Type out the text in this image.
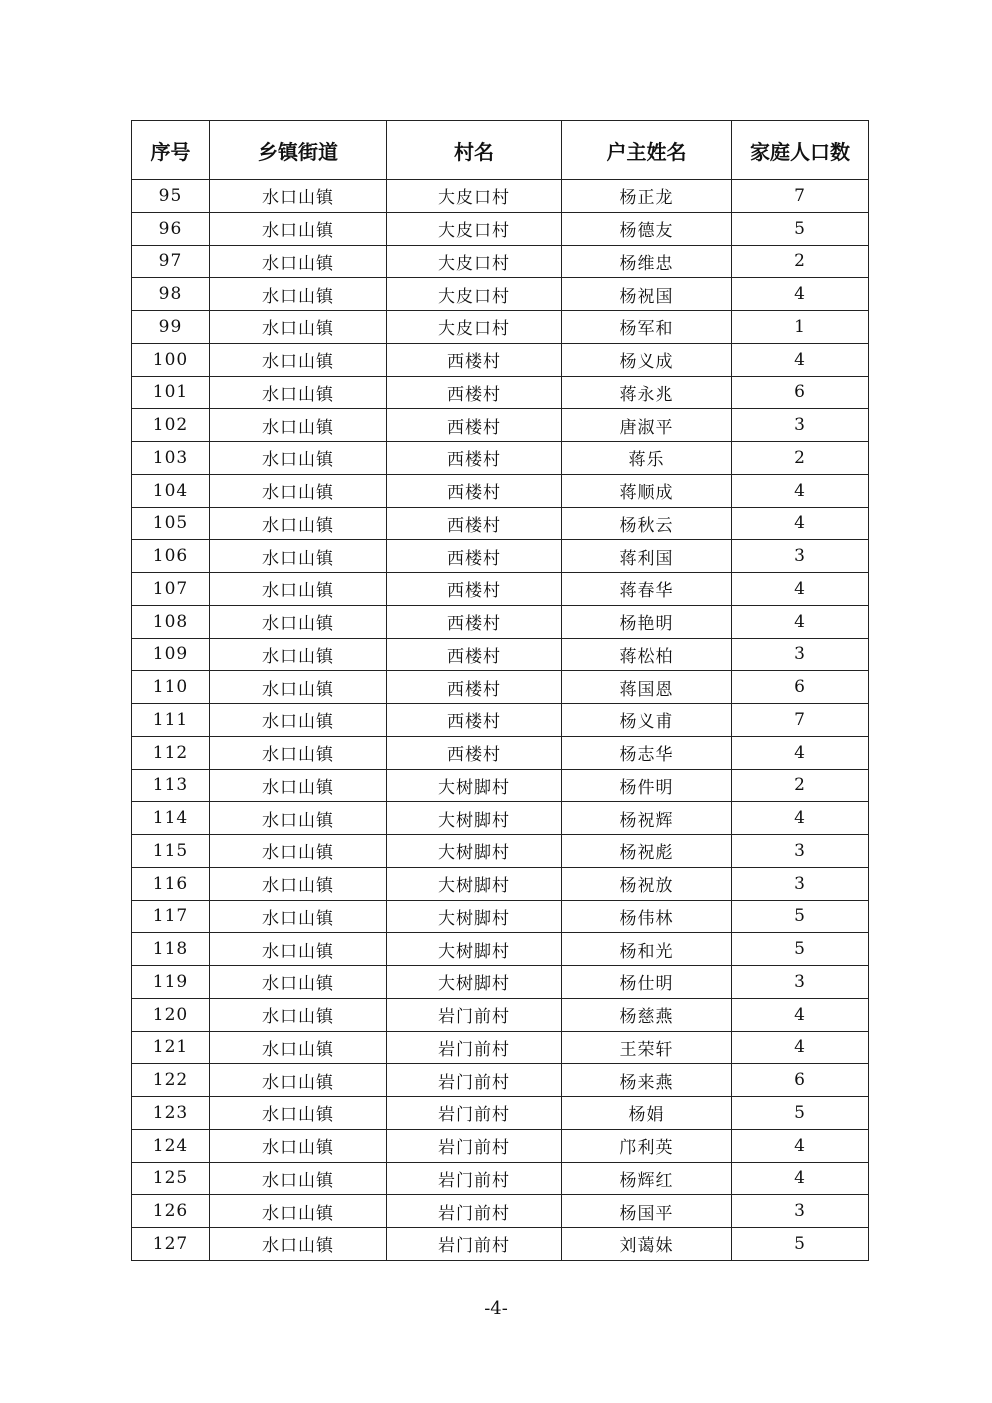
序号	乡镇街道	村名	户主姓名	家庭人口数
95	水口山镇	大皮口村	杨正龙	7
96	水口山镇	大皮口村	杨德友	5
97	水口山镇	大皮口村	杨维忠	2
98	水口山镇	大皮口村	杨祝国	4
99	水口山镇	大皮口村	杨军和	1
100	水口山镇	西楼村	杨义成	4
101	水口山镇	西楼村	蒋永兆	6
102	水口山镇	西楼村	唐淑平	3
103	水口山镇	西楼村	蒋乐	2
104	水口山镇	西楼村	蒋顺成	4
105	水口山镇	西楼村	杨秋云	4
106	水口山镇	西楼村	蒋利国	3
107	水口山镇	西楼村	蒋春华	4
108	水口山镇	西楼村	杨艳明	4
109	水口山镇	西楼村	蒋松柏	3
110	水口山镇	西楼村	蒋国恩	6
111	水口山镇	西楼村	杨义甫	7
112	水口山镇	西楼村	杨志华	4
113	水口山镇	大树脚村	杨件明	2
114	水口山镇	大树脚村	杨祝辉	4
115	水口山镇	大树脚村	杨祝彪	3
116	水口山镇	大树脚村	杨祝放	3
117	水口山镇	大树脚村	杨伟林	5
118	水口山镇	大树脚村	杨和光	5
119	水口山镇	大树脚村	杨仕明	3
120	水口山镇	岩门前村	杨慈燕	4
121	水口山镇	岩门前村	王荣轩	4
122	水口山镇	岩门前村	杨来燕	6
123	水口山镇	岩门前村	杨娟	5
124	水口山镇	岩门前村	邝利英	4
125	水口山镇	岩门前村	杨辉红	4
126	水口山镇	岩门前村	杨国平	3
127	水口山镇	岩门前村	刘蔼妹	5
-4-
